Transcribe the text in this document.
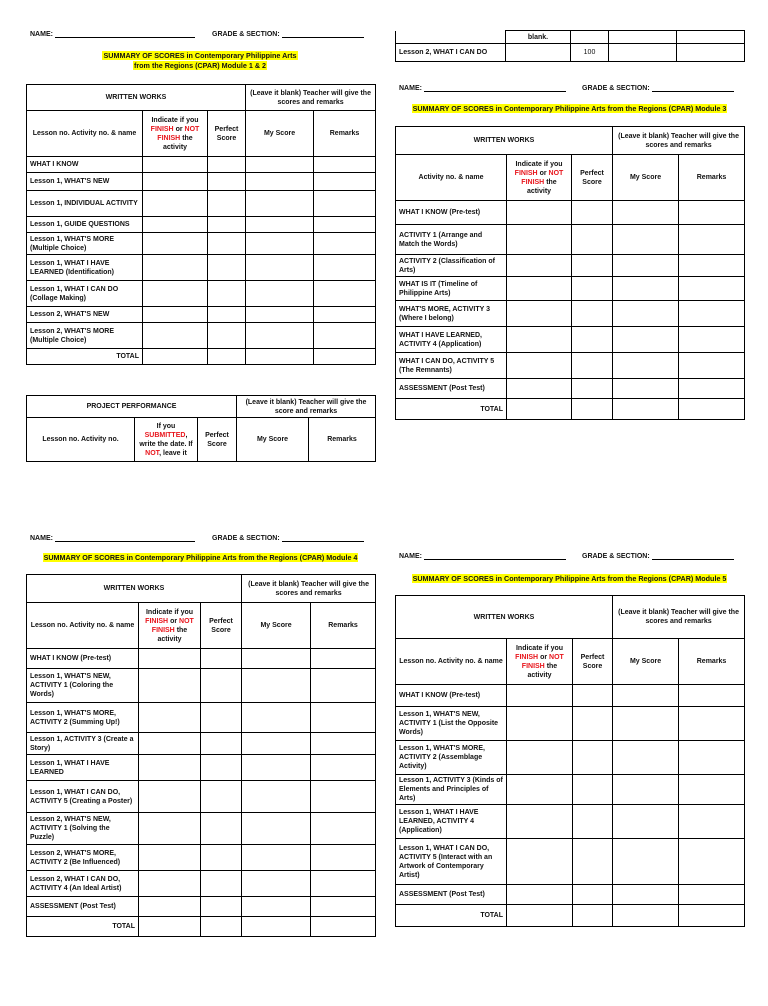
NAME:	GRADE & SECTION:
SUMMARY OF SCORES in Contemporary Philippine Arts
from the Regions (CPAR) Module 1 & 2
WRITTEN WORKS			(Leave it blank) Teacher will give the scores and remarks	
Lesson no. Activity no. & name	Indicate if you FINISH or NOT FINISH the activity	Perfect Score	My Score	Remarks
WHAT I KNOW				
Lesson 1, WHAT'S NEW				
Lesson 1, INDIVIDUAL ACTIVITY				
Lesson 1, GUIDE QUESTIONS				
Lesson 1, WHAT'S MORE (Multiple Choice)				
Lesson 1, WHAT I HAVE LEARNED (Identification)				
Lesson 1, WHAT I CAN DO (Collage Making)				
Lesson 2, WHAT'S NEW				
Lesson 2, WHAT'S MORE (Multiple Choice)				
TOTAL				
PROJECT PERFORMANCE			(Leave it blank) Teacher will give the score and remarks	
Lesson no. Activity no.	If you SUBMITTED, write the date. If NOT, leave it	Perfect Score	My Score	Remarks
	blank.			
Lesson 2, WHAT I CAN DO		100		
NAME:	GRADE & SECTION:
SUMMARY OF SCORES in Contemporary Philippine Arts from the Regions (CPAR) Module 3
WRITTEN WORKS			(Leave it blank) Teacher will give the scores and remarks	
Activity no. & name	Indicate if you FINISH or NOT FINISH the activity	Perfect Score	My Score	Remarks
WHAT I KNOW (Pre-test)				
ACTIVITY 1 (Arrange and Match the Words)				
ACTIVITY 2 (Classification of Arts)				
WHAT IS IT (Timeline of Philippine Arts)				
WHAT'S MORE, ACTIVITY 3 (Where I belong)				
WHAT I HAVE LEARNED, ACTIVITY 4 (Application)				
WHAT I CAN DO, ACTIVITY 5 (The Remnants)				
ASSESSMENT (Post Test)				
TOTAL				
NAME:	GRADE & SECTION:
SUMMARY OF SCORES in Contemporary Philippine Arts from the Regions (CPAR) Module 4
WRITTEN WORKS			(Leave it blank) Teacher will give the scores and remarks	
Lesson no. Activity no. & name	Indicate if you FINISH or NOT FINISH the activity	Perfect Score	My Score	Remarks
WHAT I KNOW (Pre-test)				
Lesson 1, WHAT'S NEW, ACTIVITY 1 (Coloring the Words)				
Lesson 1, WHAT'S MORE, ACTIVITY 2 (Summing Up!)				
Lesson 1, ACTIVITY 3 (Create a Story)				
Lesson 1, WHAT I HAVE LEARNED				
Lesson 1, WHAT I CAN DO, ACTIVITY 5 (Creating a Poster)				
Lesson 2, WHAT'S NEW, ACTIVITY 1 (Solving the Puzzle)				
Lesson 2, WHAT'S MORE, ACTIVITY 2 (Be Influenced)				
Lesson 2, WHAT I CAN DO, ACTIVITY 4 (An Ideal Artist)				
ASSESSMENT (Post Test)				
TOTAL				
NAME:	GRADE & SECTION:
SUMMARY OF SCORES in Contemporary Philippine Arts from the Regions (CPAR) Module 5
WRITTEN WORKS			(Leave it blank) Teacher will give the scores and remarks	
Lesson no. Activity no. & name	Indicate if you FINISH or NOT FINISH the activity	Perfect Score	My Score	Remarks
WHAT I KNOW (Pre-test)				
Lesson 1, WHAT'S NEW, ACTIVITY 1 (List the Opposite Words)				
Lesson 1, WHAT'S MORE, ACTIVITY 2 (Assemblage Activity)				
Lesson 1, ACTIVITY 3 (Kinds of Elements and Principles of Arts)				
Lesson 1, WHAT I HAVE LEARNED, ACTIVITY 4 (Application)				
Lesson 1, WHAT I CAN DO, ACTIVITY 5 (Interact with an Artwork of Contemporary Artist)				
ASSESSMENT (Post Test)				
TOTAL				
